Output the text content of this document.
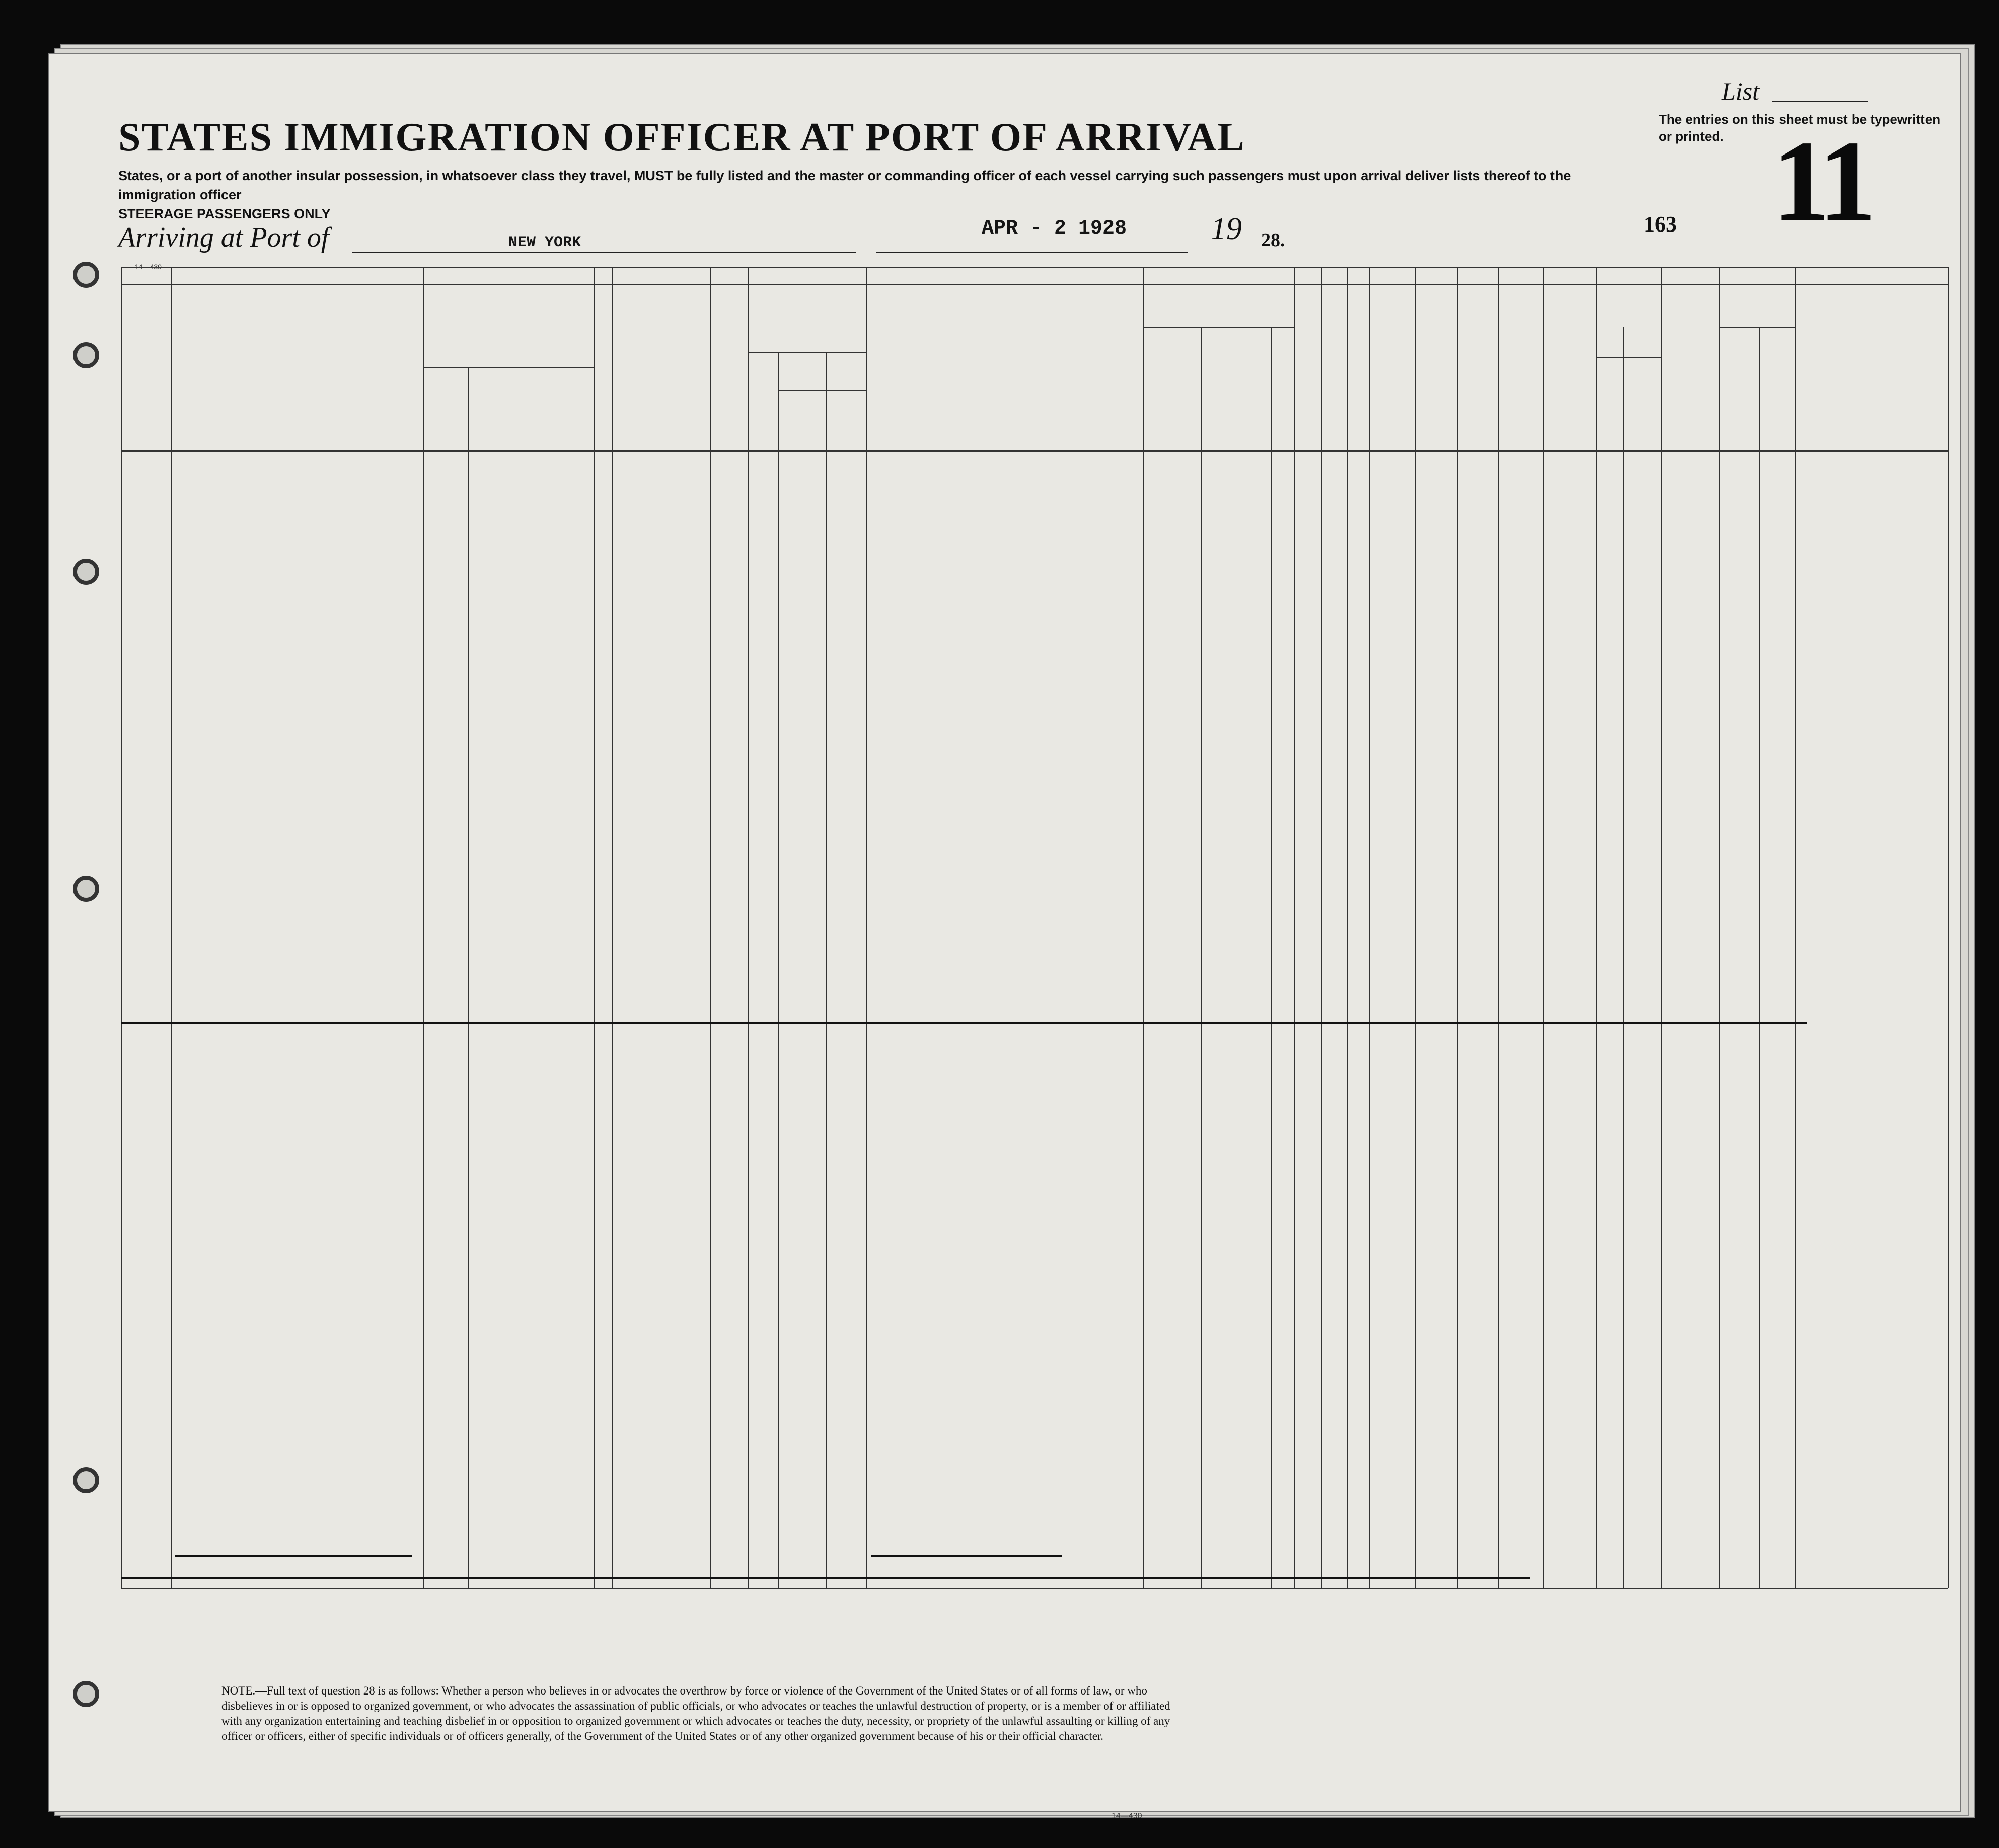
STATES IMMIGRATION OFFICER AT PORT OF ARRIVAL
List
The entries on this sheet must be typewritten or printed. 11
States, or a port of another insular possession, in whatsoever class they travel, MUST be fully listed and the master or commanding officer of each vessel carrying such passengers must upon arrival deliver lists thereof to the immigration officer
STEERAGE PASSENGERS ONLY
Arriving at Port of	NEW YORK
APR - 2 1928	19 28.
163
14—430
NOTE.—Full text of question 28 is as follows: Whether a person who believes in or advocates the overthrow by force or violence of the Government of the United States or of all forms of law, or who disbelieves in or is opposed to organized government, or who advocates the assassination of public officials, or who advocates or teaches the unlawful destruction of property, or is a member of or affiliated with any organization entertaining and teaching disbelief in or opposition to organized government or which advocates or teaches the duty, necessity, or propriety of the unlawful assaulting or killing of any officer or officers, either of specific individuals or of officers generally, of the Government of the United States or of any other organized government because of his or their official character.
14—430
